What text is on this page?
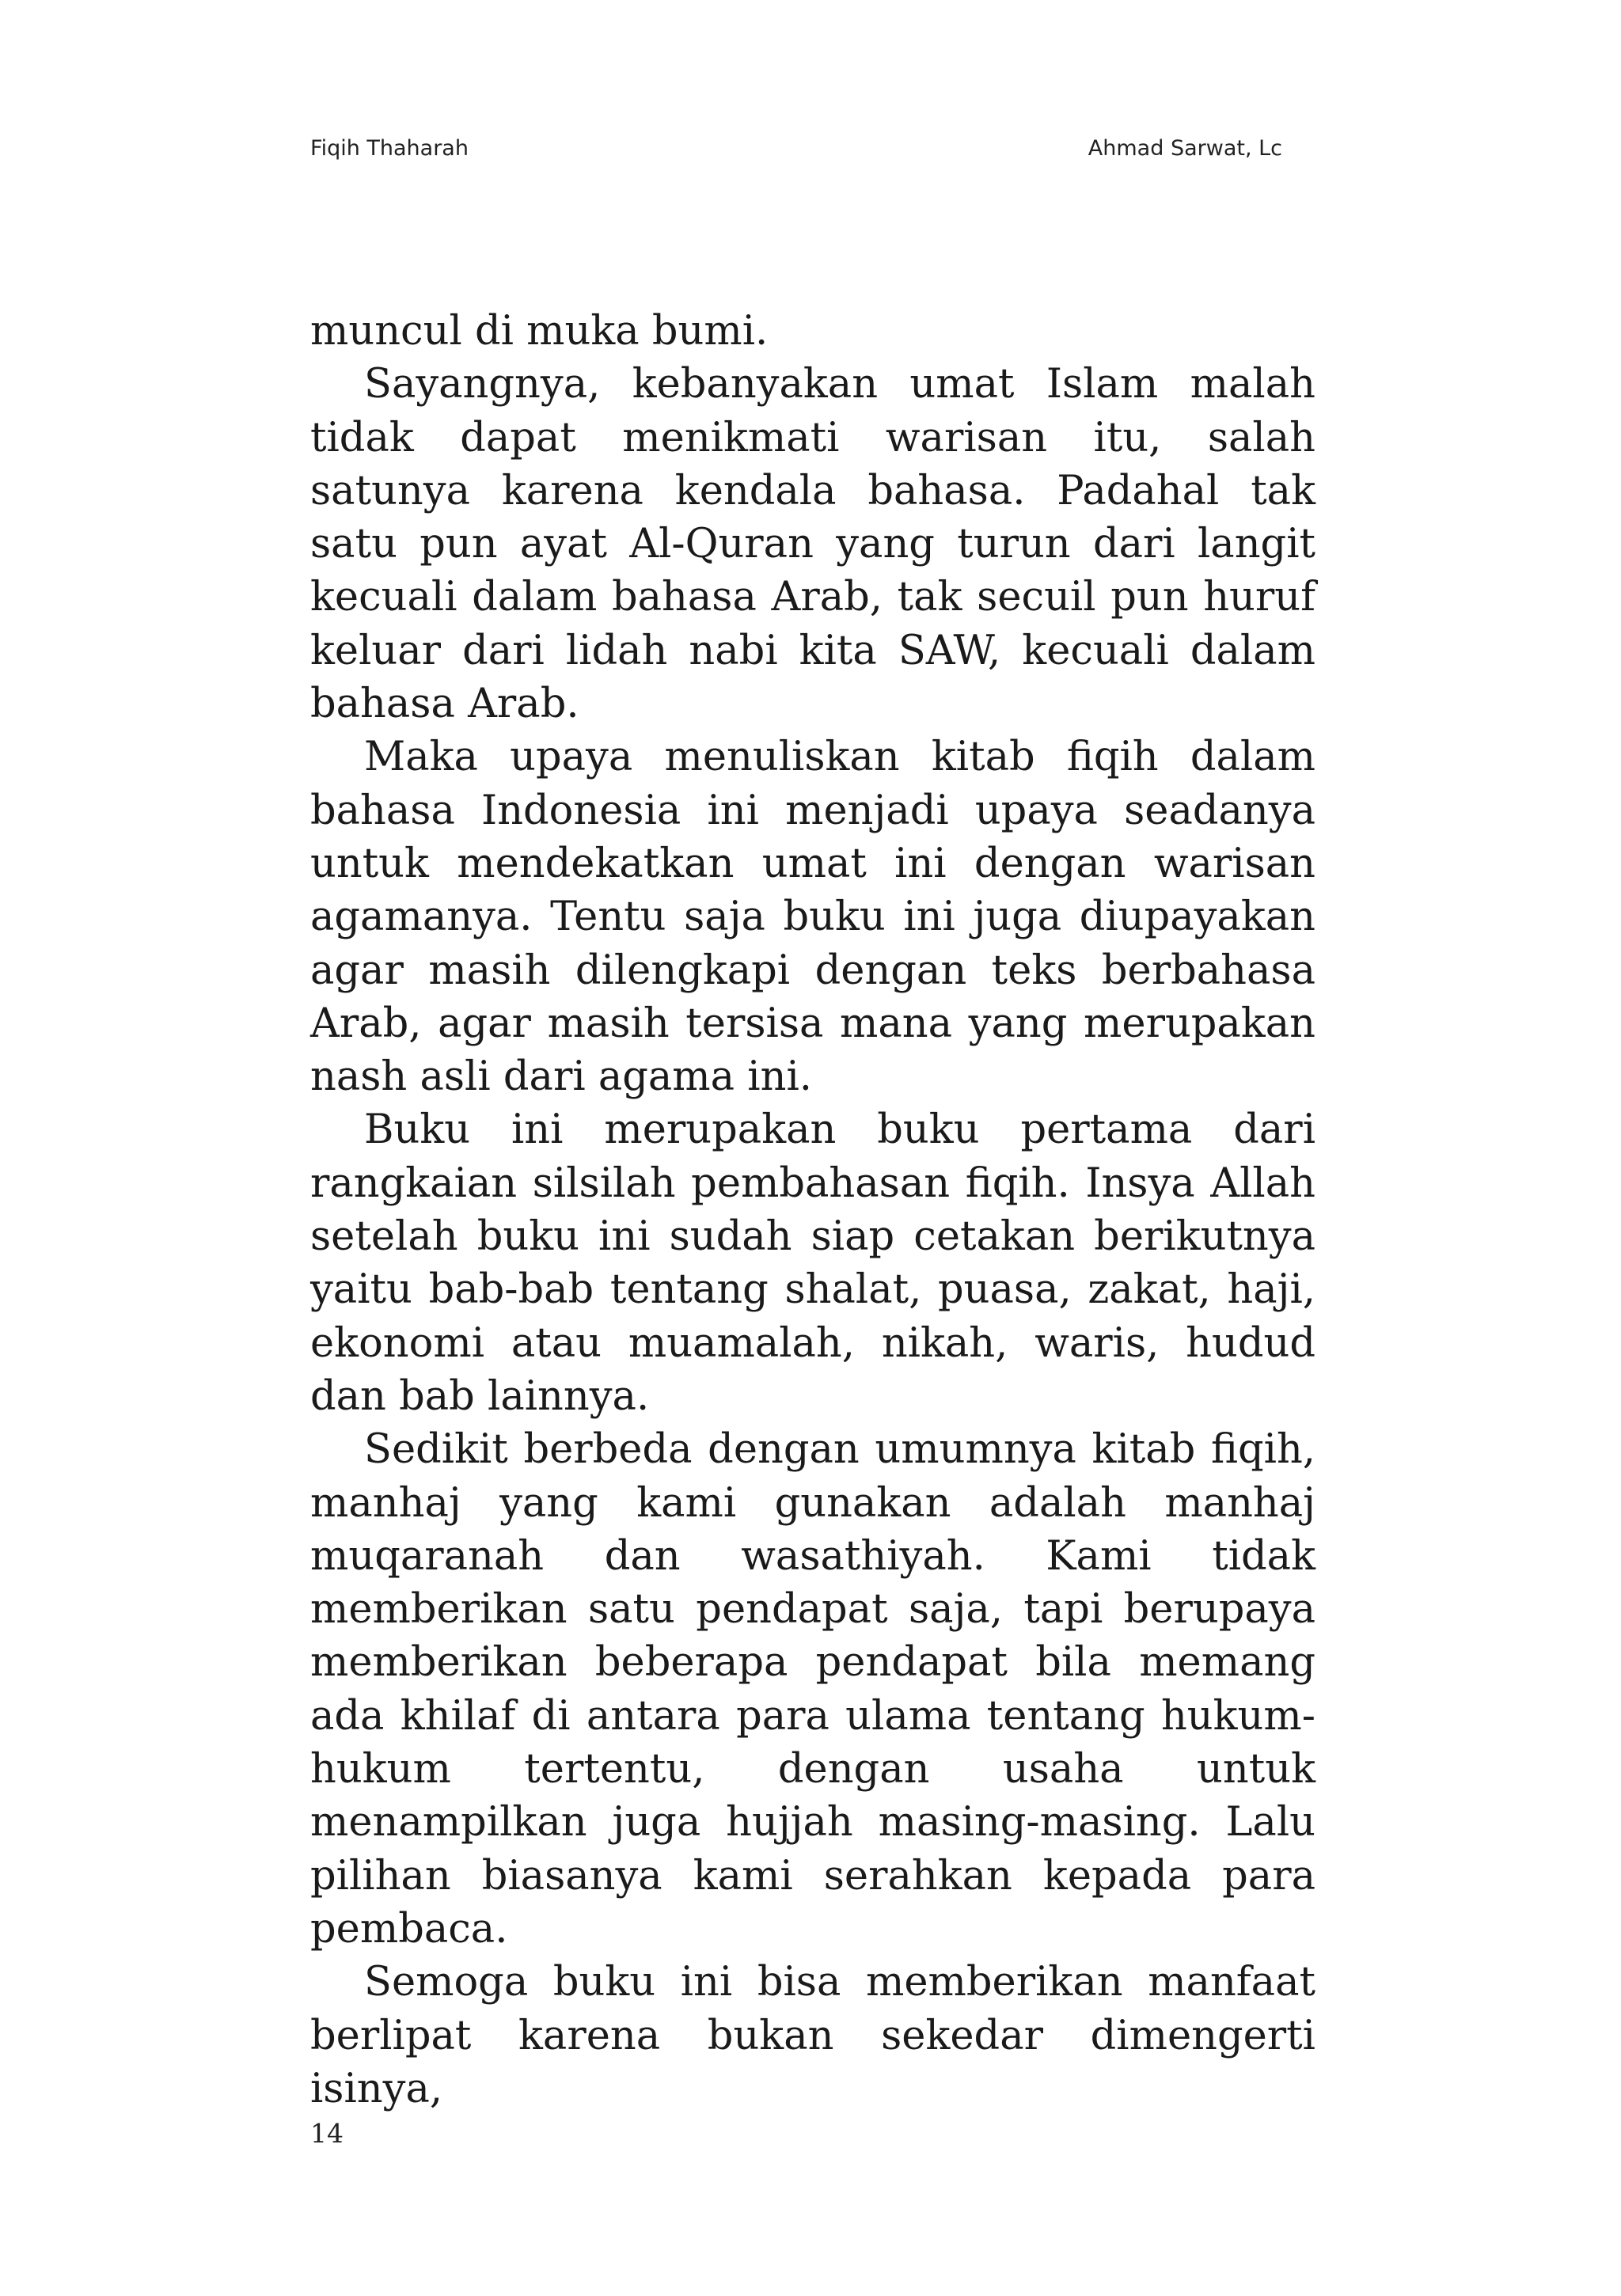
Fiqih Thaharah	Ahmad Sarwat, Lc

muncul di muka bumi.

Sayangnya, kebanyakan umat Islam malah tidak dapat menikmati warisan itu, salah satunya karena kendala bahasa. Padahal tak satu pun ayat Al-Quran yang turun dari langit kecuali dalam bahasa Arab, tak secuil pun huruf keluar dari lidah nabi kita SAW, kecuali dalam bahasa Arab.

Maka upaya menuliskan kitab fiqih dalam bahasa Indonesia ini menjadi upaya seadanya untuk mendekatkan umat ini dengan warisan agamanya. Tentu saja buku ini juga diupayakan agar masih dilengkapi dengan teks berbahasa Arab, agar masih tersisa mana yang merupakan nash asli dari agama ini.

Buku ini merupakan buku pertama dari rangkaian silsilah pembahasan fiqih. Insya Allah setelah buku ini sudah siap cetakan berikutnya yaitu bab-bab tentang shalat, puasa, zakat, haji, ekonomi atau muamalah, nikah, waris, hudud dan bab lainnya.

Sedikit berbeda dengan umumnya kitab fiqih, manhaj yang kami gunakan adalah manhaj muqaranah dan wasathiyah. Kami tidak memberikan satu pendapat saja, tapi berupaya memberikan beberapa pendapat bila memang ada khilaf di antara para ulama tentang hukum-hukum tertentu, dengan usaha untuk menampilkan juga hujjah masing-masing. Lalu pilihan biasanya kami serahkan kepada para pembaca.

Semoga buku ini bisa memberikan manfaat berlipat karena bukan sekedar dimengerti isinya,

14
